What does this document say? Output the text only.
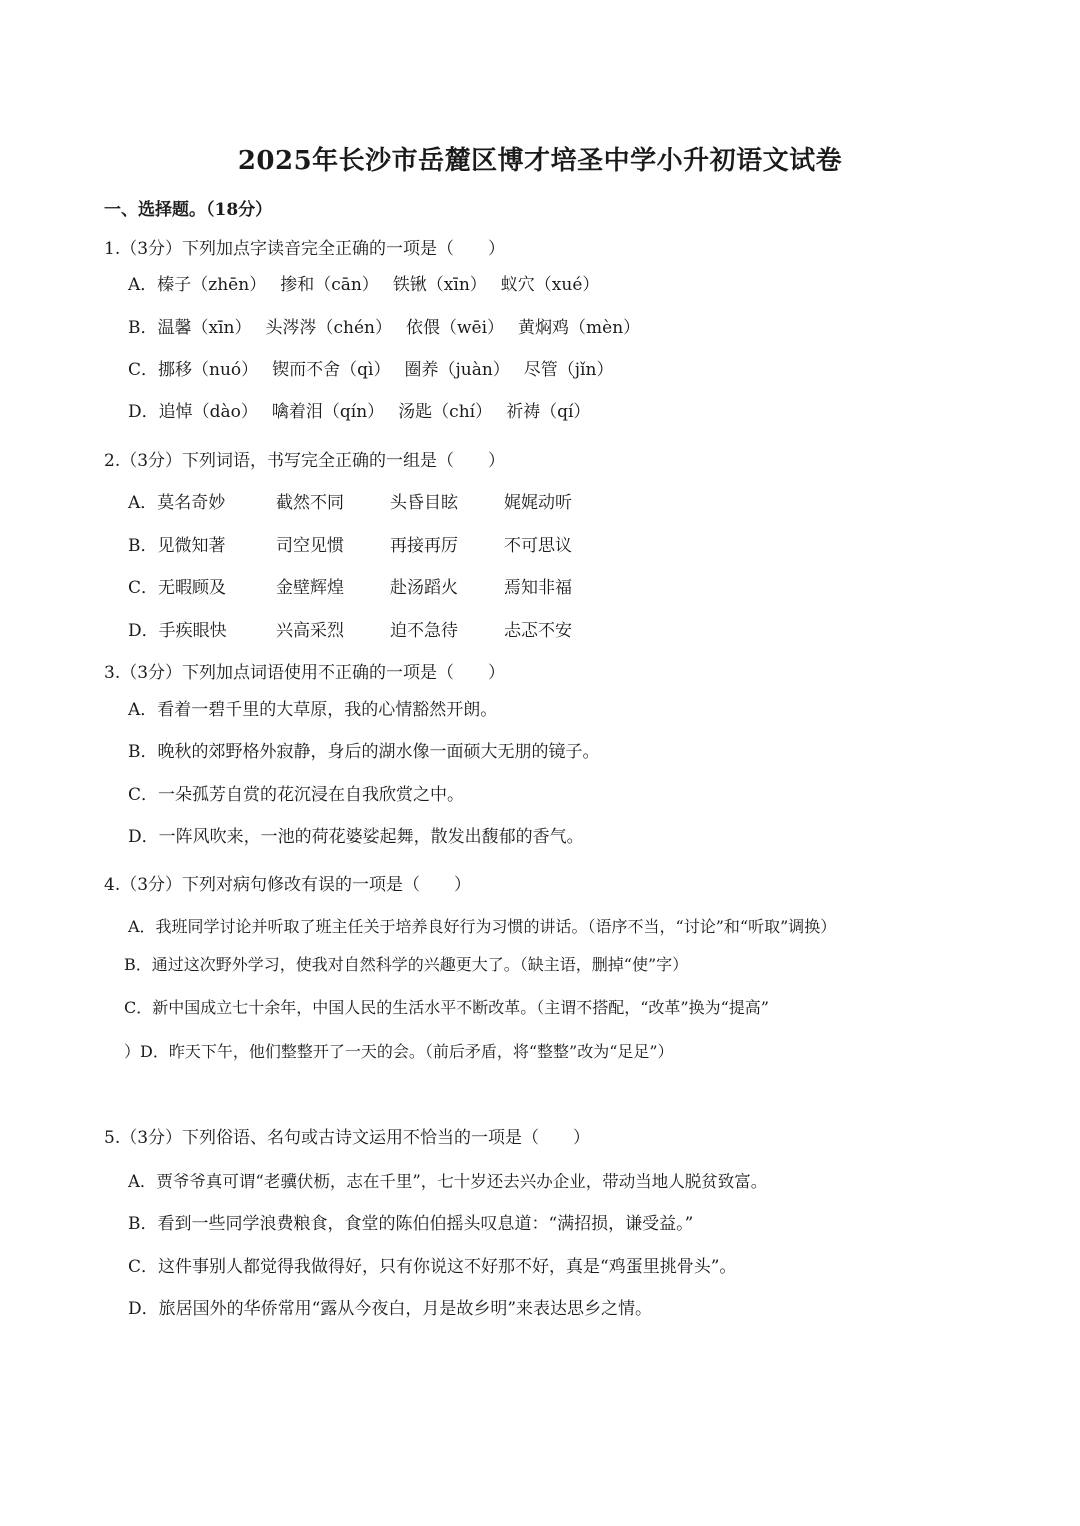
2025年长沙市岳麓区博才培圣中学小升初语文试卷
一、选择题。（18分）
1.（3分）下列加点字读音完全正确的一项是（　　）
A．榛子（zhēn） 掺和（cān） 铁锹（xīn） 蚁穴（xué）
B．温馨（xīn） 头涔涔（chén） 依偎（wēi） 黄焖鸡（mèn）
C．挪移（nuó） 锲而不舍（qì） 圈养（juàn） 尽管（jǐn）
D．追悼（dào） 噙着泪（qín） 汤匙（chí） 祈祷（qí）
2.（3分）下列词语，书写完全正确的一组是（　　）
A．莫名奇妙	截然不同	头昏目眩	娓娓动听
B．见微知著	司空见惯	再接再厉	不可思议
C．无暇顾及	金壁辉煌	赴汤蹈火	焉知非福
D．手疾眼快	兴高采烈	迫不急待	忐忑不安
3.（3分）下列加点词语使用不正确的一项是（　　）
A．看着一碧千里的大草原，我的心情豁然开朗。
B．晚秋的郊野格外寂静，身后的湖水像一面硕大无朋的镜子。
C．一朵孤芳自赏的花沉浸在自我欣赏之中。
D．一阵风吹来，一池的荷花婆娑起舞，散发出馥郁的香气。
4.（3分）下列对病句修改有误的一项是（　　）
A．我班同学讨论并听取了班主任关于培养良好行为习惯的讲话。（语序不当，“讨论”和“听取”调换）
B．通过这次野外学习，使我对自然科学的兴趣更大了。（缺主语，删掉“使”字）
C．新中国成立七十余年，中国人民的生活水平不断改革。（主谓不搭配，“改革”换为“提高”
）D．昨天下午，他们整整开了一天的会。（前后矛盾，将“整整”改为“足足”）
5.（3分）下列俗语、名句或古诗文运用不恰当的一项是（　　）
A．贾爷爷真可谓“老骥伏枥，志在千里”，七十岁还去兴办企业，带动当地人脱贫致富。
B．看到一些同学浪费粮食，食堂的陈伯伯摇头叹息道：“满招损，谦受益。”
C．这件事别人都觉得我做得好，只有你说这不好那不好，真是“鸡蛋里挑骨头”。
D．旅居国外的华侨常用“露从今夜白，月是故乡明”来表达思乡之情。
